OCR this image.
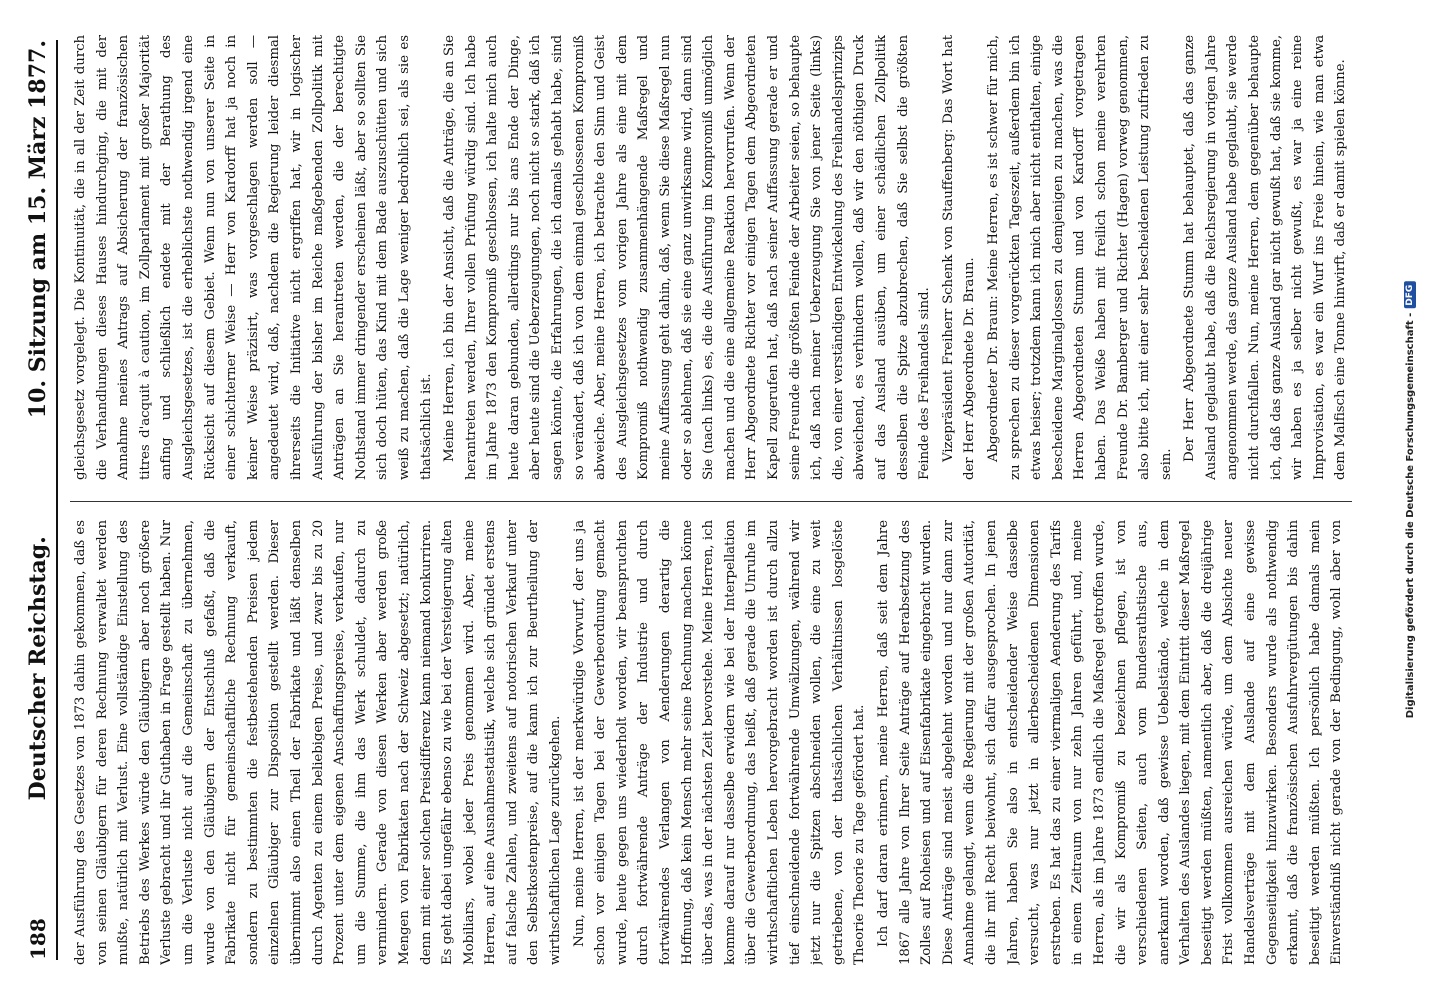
188
Deutscher Reichstag.
10. Sitzung am 15. März 1877.

der Ausführung des Gesetzes von 1873 dahin gekommen, daß es von seinen Gläubigern für deren Rechnung verwaltet werden mußte, natürlich mit Verlust. Eine vollständige Einstellung des Betriebs des Werkes würde den Gläubigern aber noch größere Verluste gebracht und ihr Guthaben in Frage gestellt haben. Nur um die Verluste nicht auf die Gemeinschaft zu übernehmen, wurde von den Gläubigern der Entschluß gefaßt, daß die Fabrikate nicht für gemeinschaftliche Rechnung verkauft, sondern zu bestimmten die festbestehenden Preisen jedem einzelnen Gläubiger zur Disposition gestellt werden. Dieser übernimmt also einen Theil der Fabrikate und läßt denselben durch Agenten zu einem beliebigen Preise, und zwar bis zu 20 Prozent unter dem eigenen Anschaffungspreise, verkaufen, nur um die Summe, die ihm das Werk schuldet, dadurch zu vermindern. Gerade von diesen Werken aber werden große Mengen von Fabrikaten nach der Schweiz abgesetzt; natürlich, denn mit einer solchen Preisdifferenz kann niemand konkurriren. Es geht dabei ungefähr ebenso zu wie bei der Versteigerung alten Mobiliars, wobei jeder Preis genommen wird. Aber, meine Herren, auf eine Ausnahmestatistik, welche sich gründet erstens auf falsche Zahlen, und zweitens auf notorischen Verkauf unter den Selbstkostenpreise, auf die kann ich zur Beurtheilung der wirthschaftlichen Lage zurückgehen. Nun, meine Herren, ist der merkwürdige Vorwurf, der uns ja schon vor einigen Tagen bei der Gewerbeordnung gemacht wurde, heute gegen uns wiederholt worden, wir beanspruchten durch fortwährende Anträge der Industrie und durch fortwährendes Verlangen von Aenderungen derartig die Hoffnung, daß kein Mensch mehr seine Rechnung machen könne über das, was in der nächsten Zeit bevorstehe. Meine Herren, ich komme darauf nur dasselbe erwidern wie bei der Interpellation über die Gewerbeordnung, das heißt, daß gerade die Unruhe im wirthschaftlichen Leben hervorgebracht worden ist durch allzu tief einschneidende fortwährende Umwälzungen, während wir jetzt nur die Spitzen abschneiden wollen, die eine zu weit getriebene, von der thatsächlichen Verhältnissen losgelöste Theorie Theorie zu Tage gefördert hat. Ich darf daran erinnern, meine Herren, daß seit dem Jahre 1867 alle Jahre von Ihrer Seite Anträge auf Herabsetzung des Zolles auf Roheisen und auf Eisenfabrikate eingebracht wurden. Diese Anträge sind meist abgelehnt worden und nur dann zur Annahme gelangt, wenn die Regierung mit der großen Autorität, die ihr mit Recht beiwohnt, sich dafür ausgesprochen. In jenen Jahren, haben Sie also in entscheidender Weise dasselbe versucht, was nur jetzt in allerbescheidenen Dimensionen erstreben. Es hat das zu einer viermaligen Aenderung des Tarifs in einem Zeitraum von nur zehn Jahren geführt, und, meine Herren, als im Jahre 1873 endlich die Maßregel getroffen wurde, die wir als Kompromiß zu bezeichnen pflegen, ist von verschiedenen Seiten, auch vom Bundesrathstische aus, anerkannt worden, daß gewisse Uebelstände, welche in dem Verhalten des Auslandes liegen, mit dem Eintritt dieser Maßregel beseitigt werden müßten, namentlich aber, daß die dreijährige Frist vollkommen ausreichen würde, um dem Absichte neuer Handelsverträge mit dem Auslande auf eine gewisse Gegenseitigkeit hinzuwirken. Besonders wurde als nothwendig erkannt, daß die französischen Ausfuhrvergütungen bis dahin beseitigt werden müßten. Ich persönlich habe damals mein Einverständniß nicht gerade von der Bedingung, wohl aber von

gleichsgesetz vorgelegt. Die Kontinuität, die in all der Zeit durch die Verhandlungen dieses Hauses hindurchging, die mit der Annahme meines Antrags auf Absicherung der französischen titres d'acquit à caution, im Zollparlament mit großer Majorität anfing und schließlich endete mit der Berathung des Ausgleichsgesetzes, ist die erheblichste nothwendig irgend eine Rücksicht auf diesem Gebiet. Wenn nun von unserer Seite in einer schichterner Weise — Herr von Kardorff hat ja noch in keiner Weise präzisirt, was vorgeschlagen werden soll — angedeutet wird, daß, nachdem die Regierung leider diesmal ihrerseits die Initiative nicht ergriffen hat, wir in logischer Ausführung der bisher im Reiche maßgebenden Zollpolitik mit Anträgen an Sie herantreten werden, die der berechtigte Nothstand immer dringender erscheinen läßt, aber so sollten Sie sich doch hüten, das Kind mit dem Bade auszuschütten und sich weiß zu machen, daß die Lage weniger bedrohlich sei, als sie es thatsächlich ist. Meine Herren, ich bin der Ansicht, daß die Anträge, die an Sie herantreten werden, Ihrer vollen Prüfung würdig sind. Ich habe im Jahre 1873 den Kompromiß geschlossen, ich halte mich auch heute daran gebunden, allerdings nur bis ans Ende der Dinge, aber heute sind die Ueberzeugungen, noch nicht so stark, daß ich sagen könnte, die Erfahrungen, die ich damals gehabt habe, sind so verändert, daß ich von dem einmal geschlossenen Kompromiß abweiche. Aber, meine Herren, ich betrachte den Sinn und Geist des Ausgleichsgesetzes vom vorigen Jahre als eine mit dem Kompromiß nothwendig zusammenhängende Maßregel und meine Auffassung geht dahin, daß, wenn Sie diese Maßregel nun oder so ablehnen, daß sie eine ganz unwirksame wird, dann sind Sie (nach links) es, die die Ausführung im Kompromiß unmöglich machen und die eine allgemeine Reaktion hervorrufen. Wenn der Herr Abgeordnete Richter vor einigen Tagen dem Abgeordneten Kapell zugerufen hat, daß nach seiner Auffassung gerade er und seine Freunde die größten Feinde der Arbeiter seien, so behaupte ich, daß nach meiner Ueberzeugung Sie von jener Seite (links) die, von einer verständigen Entwickelung des Freihandelsprinzips abweichend, es verhindern wollen, daß wir den nöthigen Druck auf das Ausland ausüben, um einer schädlichen Zollpolitik desselben die Spitze abzubrechen, daß Sie selbst die größten Feinde des Freihandels sind. Vizepräsident Freiherr Schenk von Stauffenberg: Das Wort hat der Herr Abgeordnete Dr. Braun. Abgeordneter Dr. Braun: Meine Herren, es ist schwer für mich, zu sprechen zu dieser vorgerückten Tageszeit, außerdem bin ich etwas heiser; trotzdem kann ich mich aber nicht enthalten, einige bescheidene Marginalglossen zu demjenigen zu machen, was die Herren Abgeordneten Stumm und von Kardorff vorgetragen haben. Das Weiße haben mit freilich schon meine verehrten Freunde Dr. Bamberger und Richter (Hagen) vorweg genommen, also bitte ich, mit einer sehr bescheidenen Leistung zufrieden zu sein.

Der Herr Abgeordnete Stumm hat behauptet, daß das ganze Ausland geglaubt habe, daß die Reichsregierung in vorigen Jahre angenommen werde, das ganze Ausland habe geglaubt, sie werde nicht durchfallen. Nun, meine Herren, dem gegenüber behaupte ich, daß das ganze Ausland gar nicht gewußt hat, daß sie komme, wir haben es ja selber nicht gewußt, es war ja eine reine Improvisation, es war ein Wurf ins Freie hinein, wie man etwa dem Malfisch eine Tonne hinwirft, daß er damit spielen könne.

Digitalisierung gefördert durch die Deutsche Forschungsgemeinschaft -
DFG
